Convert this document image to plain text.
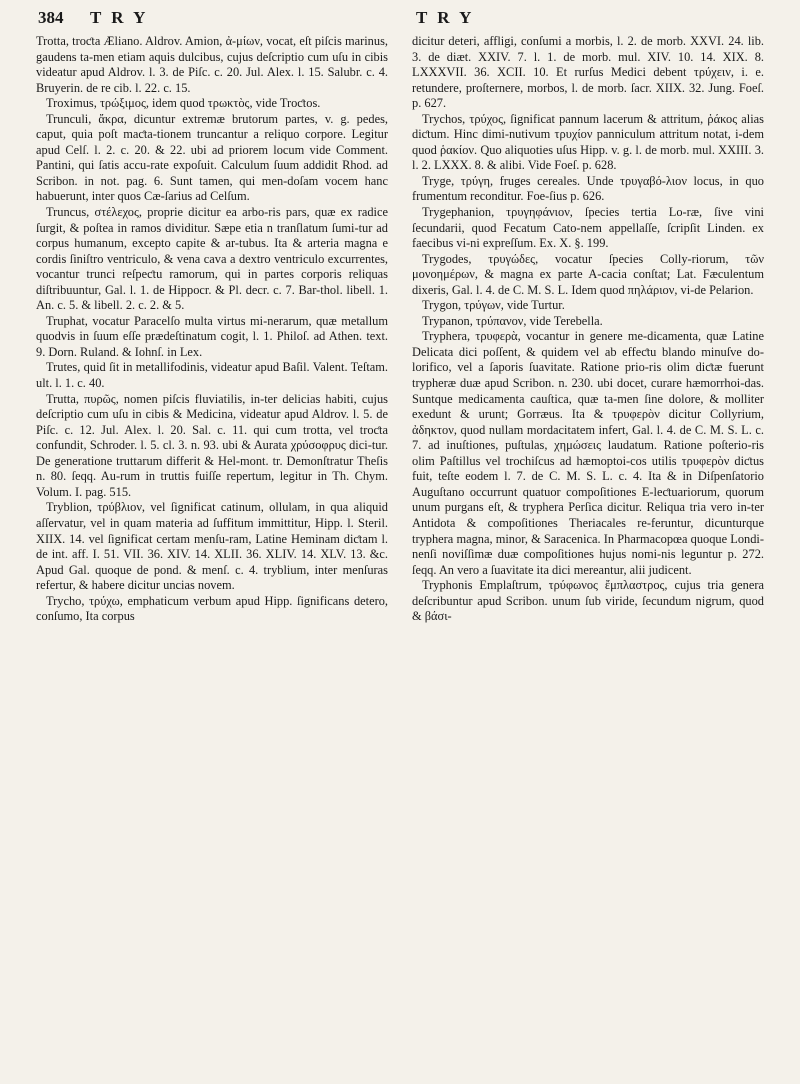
384 T R Y	T R Y

Trotta, troƈta Æliano. Aldrov. Amion, ἀ-μίων, vocat, eſt piſcis marinus, gaudens ta-men etiam aquis dulcibus, cujus deſcriptio cum uſu in cibis videatur apud Aldrov. l. 3. de Piſc. c. 20. Jul. Alex. l. 15. Salubr. c. 4. Bruyerin. de re cib. l. 22. c. 15.

Troximus, τρώξιμος, idem quod τρωκτὸς, vide Troƈtos.

Trunculi, ἄκρα, dicuntur extremæ brutorum partes, v. g. pedes, caput, quia poſt maƈta-tionem truncantur a reliquo corpore. Legitur apud Celſ. l. 2. c. 20. & 22. ubi ad priorem locum vide Comment. Pantini, qui ſatis accu-rate expoſuit. Calculum ſuum addidit Rhod. ad Scribon. in not. pag. 6. Sunt tamen, qui men-doſam vocem hanc habuerunt, inter quos Cæ-ſarius ad Celſum.

Truncus, στέλεχος, proprie dicitur ea arbo-ris pars, quæ ex radice ſurgit, & poſtea in ramos dividitur. Sæpe etia n tranſlatum ſumi-tur ad corpus humanum, excepto capite & ar-tubus. Ita & arteria magna e cordis ſiniſtro ventriculo, & vena cava a dextro ventriculo excurrentes, vocantur trunci reſpeƈtu ramorum, qui in partes corporis reliquas diſtribuuntur, Gal. l. 1. de Hippocr. & Pl. decr. c. 7. Bar-thol. libell. 1. An. c. 5. & libell. 2. c. 2. & 5.

Truphat, vocatur Paracelſo multa virtus mi-nerarum, quæ metallum quodvis in ſuum eſſe prædeſtinatum cogit, l. 1. Philoſ. ad Athen. text. 9. Dorn. Ruland. & Iohnſ. in Lex.

Trutes, quid ſit in metallifodinis, videatur apud Baſil. Valent. Teſtam. ult. l. 1. c. 40.

Trutta, πυρῶς, nomen piſcis fluviatilis, in-ter delicias habiti, cujus deſcriptio cum uſu in cibis & Medicina, videatur apud Aldrov. l. 5. de Piſc. c. 12. Jul. Alex. l. 20. Sal. c. 11. qui cum trotta, vel troƈta confundit, Schroder. l. 5. cl. 3. n. 93. ubi & Aurata χρύσοφρυς dici-tur. De generatione truttarum differit & Hel-mont. tr. Demonſtratur Theſis n. 80. ſeqq. Au-rum in truttis fuiſſe repertum, legitur in Th. Chym. Volum. I. pag. 515.

Tryblion, τρύβλιον, vel ſignificat catinum, ollulam, in qua aliquid aſſervatur, vel in quam materia ad ſuffitum immittitur, Hipp. l. Steril. XIIX. 14. vel ſignificat certam menſu-ram, Latine Heminam diƈtam l. de int. aff. I. 51. VII. 36. XIV. 14. XLII. 36. XLIV. 14. XLV. 13. &c. Apud Gal. quoque de pond. & menſ. c. 4. tryblium, inter menſuras refertur, & habere dicitur uncias novem.

Trycho, τρύχω, emphaticum verbum apud Hipp. ſignificans detero, conſumo, Ita corpus

dicitur deteri, affligi, conſumi a morbis, l. 2. de morb. XXVI. 24. lib. 3. de diæt. XXIV. 7. l. 1. de morb. mul. XIV. 10. 14. XIX. 8. LXXXVII. 36. XCII. 10. Et rurſus Medici debent τρύχειν, i. e. retundere, proſternere, morbos, l. de morb. ſacr. XIIX. 32. Jung. Foeſ. p. 627.

Trychos, τρύχος, ſignificat pannum lacerum & attritum, ῥάκος alias diƈtum. Hinc dimi-nutivum τρυχίον panniculum attritum notat, i-dem quod ῥακίον. Quo aliquoties uſus Hipp. v. g. l. de morb. mul. XXIII. 3. l. 2. LXXX. 8. & alibi. Vide Foeſ. p. 628.

Tryge, τρύγη, fruges cereales. Unde τρυγαβό-λιον locus, in quo frumentum reconditur. Foe-ſius p. 626.

Trygephanion, τρυγηφάνιον, ſpecies tertia Lo-ræ, ſive vini ſecundarii, quod Fecatum Cato-nem appellaſſe, ſcripſit Linden. ex faecibus vi-ni expreſſum. Ex. X. §. 199.

Trygodes, τρυγώδες, vocatur ſpecies Colly-riorum, τῶν μονοημέρων, & magna ex parte A-cacia conſtat; Lat. Fæculentum dixeris, Gal. l. 4. de C. M. S. L. Idem quod πηλάριον, vi-de Pelarion.

Trygon, τρύγων, vide Turtur.

Trypanon, τρύπανον, vide Terebella.

Tryphera, τρυφερὰ, vocantur in genere me-dicamenta, quæ Latine Delicata dici poſſent, & quidem vel ab effeƈtu blando minuſve do-lorifico, vel a ſaporis ſuavitate. Ratione prio-ris olim diƈtæ fuerunt trypheræ duæ apud Scribon. n. 230. ubi docet, curare hæmorrhoi-das. Suntque medicamenta cauſtica, quæ ta-men ſine dolore, & molliter exedunt & urunt; Gorræus. Ita & τρυφερὸν dicitur Collyrium, ἀδηκτον, quod nullam mordacitatem infert, Gal. l. 4. de C. M. S. L. c. 7. ad inuſtiones, puſtulas, χημώσεις laudatum. Ratione poſterio-ris olim Paſtillus vel trochiſcus ad hæmoptoi-cos utilis τρυφερὸν diƈtus fuit, teſte eodem l. 7. de C. M. S. L. c. 4. Ita & in Diſpenſatorio Auguſtano occurrunt quatuor compoſitiones E-leƈtuariorum, quorum unum purgans eſt, & tryphera Perſica dicitur. Reliqua tria vero in-ter Antidota & compoſitiones Theriacales re-feruntur, dicunturque tryphera magna, minor, & Saracenica. In Pharmacopœa quoque Londi-nenſi noviſſimæ duæ compoſitiones hujus nomi-nis leguntur p. 272. ſeqq. An vero a ſuavitate ita dici mereantur, alii judicent.

Tryphonis Emplaſtrum, τρύφωνος ἔμπλαστρος, cujus tria genera deſcribuntur apud Scribon. unum ſub viride, ſecundum nigrum, quod & βάσι-
